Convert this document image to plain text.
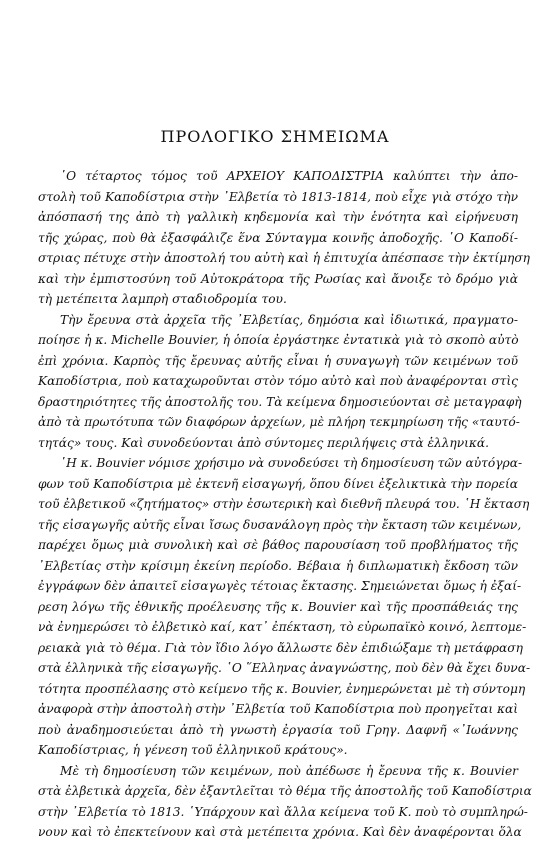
ΠΡΟΛΟΓΙΚΟ ΣΗΜΕΙΩΜΑ
῾Ο τέταρτος τόμος τοῦ ΑΡΧΕΙΟΥ ΚΑΠΟΔΙΣΤΡΙΑ καλύπτει τὴν ἀπο-
στολὴ τοῦ Καποδίστρια στὴν ᾿Ελβετία τὸ 1813-1814, ποὺ εἶχε γιὰ στόχο τὴν
ἀπόσπασή της ἀπὸ τὴ γαλλικὴ κηδεμονία καὶ τὴν ἑνότητα καὶ εἰρήνευση
τῆς χώρας, ποὺ θὰ ἐξασφάλιζε ἕνα Σύνταγμα κοινῆς ἀποδοχῆς. ῾Ο Καποδί-
στριας πέτυχε στὴν ἀποστολή του αὐτὴ καὶ ἡ ἐπιτυχία ἀπέσπασε τὴν ἐκτίμηση
καὶ τὴν ἐμπιστοσύνη τοῦ Αὐτοκράτορα τῆς Ρωσίας καὶ ἄνοιξε τὸ δρόμο γιὰ
τὴ μετέπειτα λαμπρὴ σταδιοδρομία του.
Τὴν ἔρευνα στὰ ἀρχεῖα τῆς ᾿Ελβετίας, δημόσια καὶ ἰδιωτικά, πραγματο-
ποίησε ἡ κ. Michelle Bouvier, ἡ ὁποία ἐργάστηκε ἐντατικὰ γιὰ τὸ σκοπὸ αὐτὸ
ἐπὶ χρόνια. Καρπὸς τῆς ἔρευνας αὐτῆς εἶναι ἡ συναγωγὴ τῶν κειμένων τοῦ
Καποδίστρια, ποὺ καταχωροῦνται στὸν τόμο αὐτὸ καὶ ποὺ ἀναφέρονται στὶς
δραστηριότητες τῆς ἀποστολῆς του. Τὰ κείμενα δημοσιεύονται σὲ μεταγραφὴ
ἀπὸ τὰ πρωτότυπα τῶν διαφόρων ἀρχείων, μὲ πλήρη τεκμηρίωση τῆς «ταυτό-
τητάς» τους. Καὶ συνοδεύονται ἀπὸ σύντομες περιλήψεις στὰ ἑλληνικά.
῾Η κ. Bouvier νόμισε χρήσιμο νὰ συνοδεύσει τὴ δημοσίευση τῶν αὐτόγρα-
φων τοῦ Καποδίστρια μὲ ἐκτενῆ εἰσαγωγή, ὅπου δίνει ἐξελικτικὰ τὴν πορεία
τοῦ ἐλβετικοῦ «ζητήματος» στὴν ἐσωτερικὴ καὶ διεθνῆ πλευρά του. ῾Η ἔκταση
τῆς εἰσαγωγῆς αὐτῆς εἶναι ἴσως δυσανάλογη πρὸς τὴν ἔκταση τῶν κειμένων,
παρέχει ὅμως μιὰ συνολικὴ καὶ σὲ βάθος παρουσίαση τοῦ προβλήματος τῆς
᾿Ελβετίας στὴν κρίσιμη ἐκείνη περίοδο. Βέβαια ἡ διπλωματικὴ ἔκδοση τῶν
ἐγγράφων δὲν ἀπαιτεῖ εἰσαγωγὲς τέτοιας ἔκτασης. Σημειώνεται ὅμως ἡ ἐξαί-
ρεση λόγω τῆς ἐθνικῆς προέλευσης τῆς κ. Bouvier καὶ τῆς προσπάθειάς της
νὰ ἐνημερώσει τὸ ἐλβετικὸ καί, κατ᾿ ἐπέκταση, τὸ εὐρωπαϊκὸ κοινό, λεπτομε-
ρειακὰ γιὰ τὸ θέμα. Γιὰ τὸν ἴδιο λόγο ἄλλωστε δὲν ἐπιδιώξαμε τὴ μετάφραση
στὰ ἑλληνικὰ τῆς εἰσαγωγῆς. ῾Ο ῞Ελληνας ἀναγνώστης, ποὺ δὲν θὰ ἔχει δυνα-
τότητα προσπέλασης στὸ κείμενο τῆς κ. Bouvier, ἐνημερώνεται μὲ τὴ σύντομη
ἀναφορὰ στὴν ἀποστολὴ στὴν ᾿Ελβετία τοῦ Καποδίστρια ποὺ προηγεῖται καὶ
ποὺ ἀναδημοσιεύεται ἀπὸ τὴ γνωστὴ ἐργασία τοῦ Γρηγ. Δαφνῆ «᾿Ιωάννης
Καποδίστριας, ἡ γένεση τοῦ ἑλληνικοῦ κράτους».
Μὲ τὴ δημοσίευση τῶν κειμένων, ποὺ ἀπέδωσε ἡ ἔρευνα τῆς κ. Bouvier
στὰ ἐλβετικὰ ἀρχεῖα, δὲν ἐξαντλεῖται τὸ θέμα τῆς ἀποστολῆς τοῦ Καποδίστρια
στὴν ᾿Ελβετία τὸ 1813. ῾Υπάρχουν καὶ ἄλλα κείμενα τοῦ Κ. ποὺ τὸ συμπληρώ-
νουν καὶ τὸ ἐπεκτείνουν καὶ στὰ μετέπειτα χρόνια. Καὶ δὲν ἀναφέρονται ὅλα
